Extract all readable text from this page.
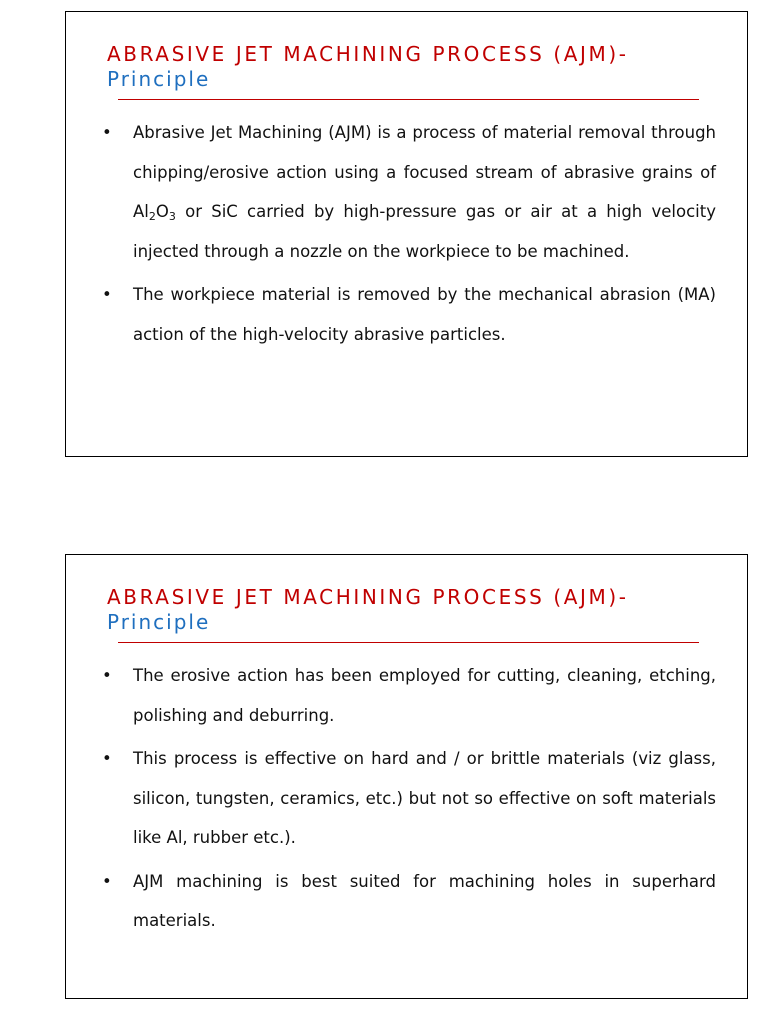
ABRASIVE JET MACHINING PROCESS (AJM)-
Principle
• Abrasive Jet Machining (AJM) is a process of material removal through chipping/erosive action using a focused stream of abrasive grains of $Al_2O_3$ or SiC carried by high-pressure gas or air at a high velocity injected through a nozzle on the workpiece to be machined.
• The workpiece material is removed by the mechanical abrasion (MA) action of the high-velocity abrasive particles.
ABRASIVE JET MACHINING PROCESS (AJM)-
Principle
• The erosive action has been employed for cutting, cleaning, etching, polishing and deburring.
• This process is effective on hard and / or brittle materials (viz glass, silicon, tungsten, ceramics, etc.) but not so effective on soft materials like Al, rubber etc.).
• AJM machining is best suited for machining holes in superhard materials.
